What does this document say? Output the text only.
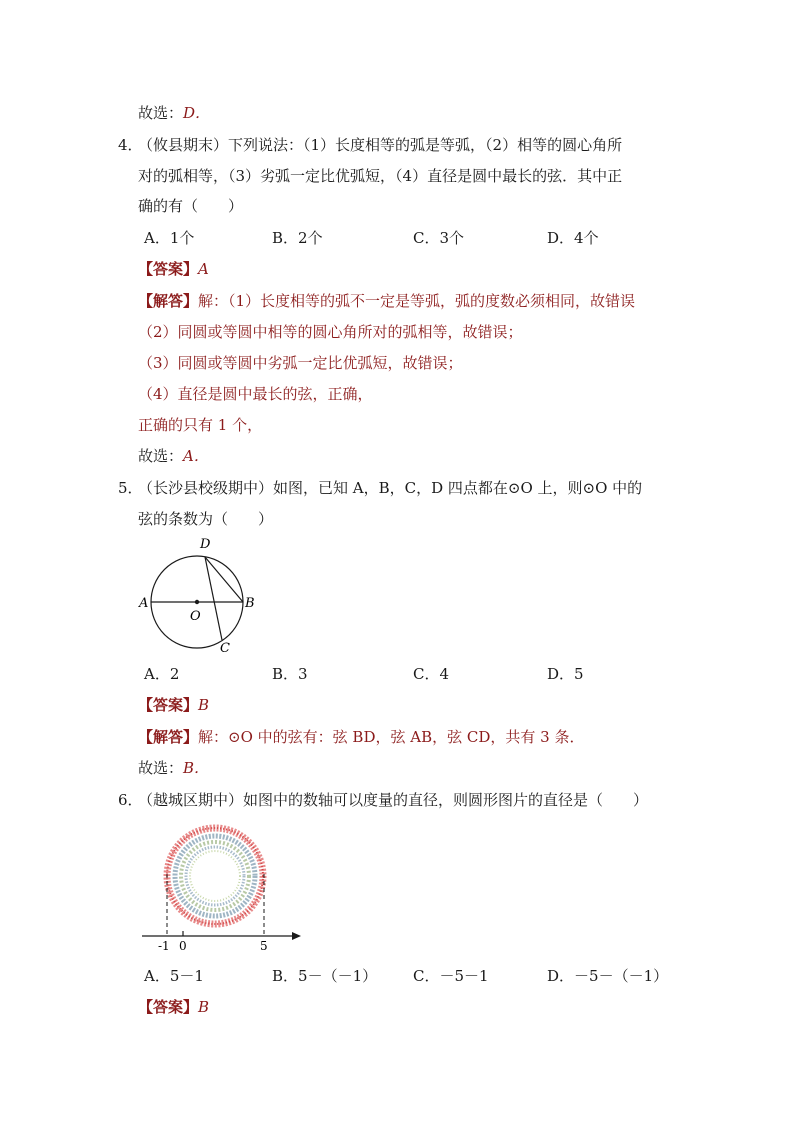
故选：D．
4．
（攸县期末）下列说法：（1）长度相等的弧是等弧，（2）相等的圆心角所
对的弧相等，（3）劣弧一定比优弧短，（4）直径是圆中最长的弦．其中正
确的有（　　）
A．1个	B．2个	C．3个	D．4个
【答案】A
【解答】解：（1）长度相等的弧不一定是等弧，弧的度数必须相同，故错误
（2）同圆或等圆中相等的圆心角所对的弧相等，故错误；
（3）同圆或等圆中劣弧一定比优弧短，故错误；
（4）直径是圆中最长的弦，正确，
正确的只有 1 个，
故选：A．
5．
（长沙县校级期中）如图，已知 A，B，C，D 四点都在⊙O 上，则⊙O 中的
弦的条数为（　　）
D
A	B
O
C
A．2	B．3	C．4	D．5
【答案】B
【解答】解：⊙O 中的弦有：弦 BD，弦 AB，弦 CD，共有 3 条．
故选：B．
6．
（越城区期中）如图中的数轴可以度量的直径，则圆形图片的直径是（　　）
-1 0	5
A．5－1	B．5－（－1） C．－5－1	D．－5－（－1）
【答案】B
